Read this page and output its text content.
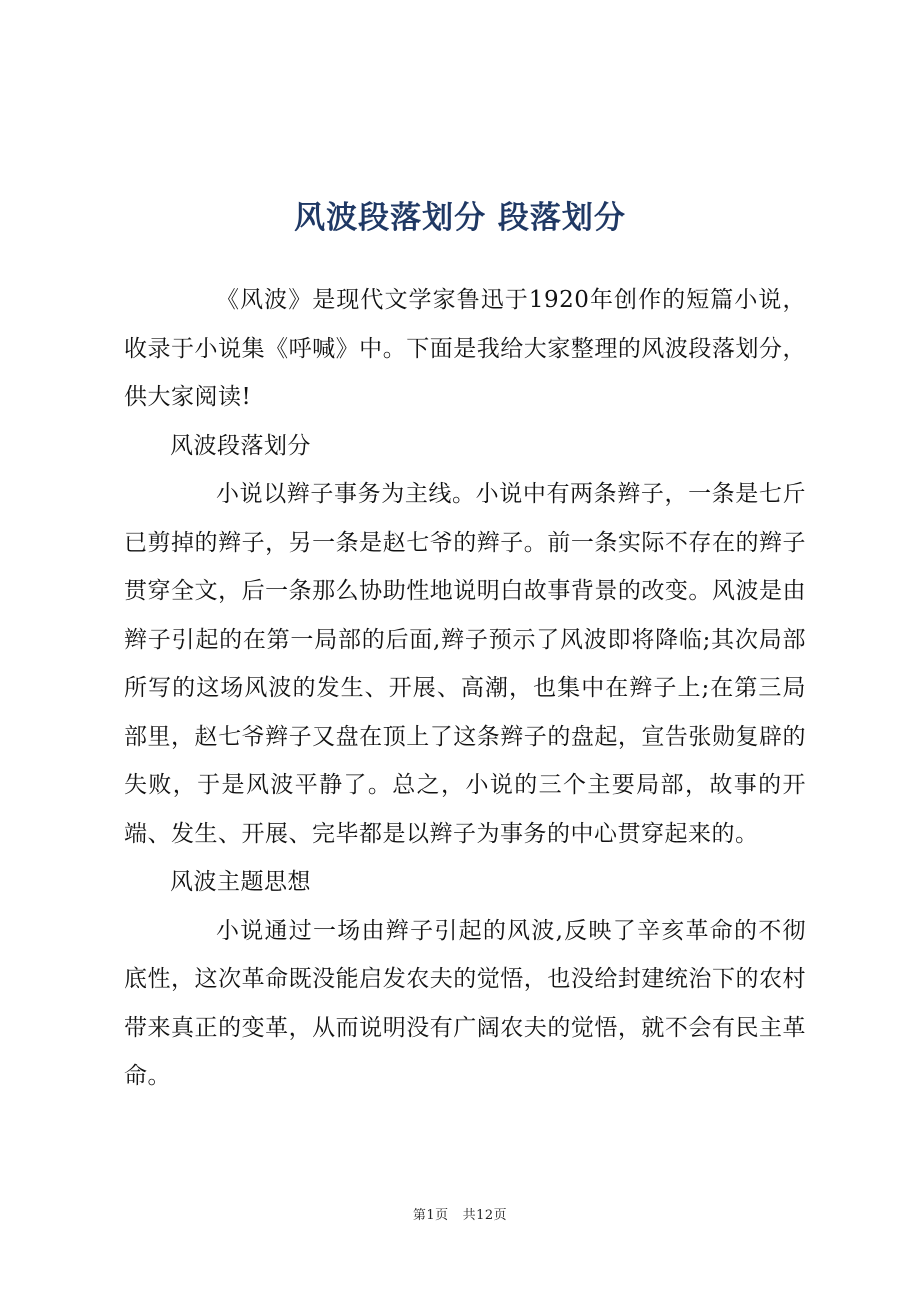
风波段落划分 段落划分

《风波》是现代文学家鲁迅于1920年创作的短篇小说，收录于小说集《呼喊》中。下面是我给大家整理的风波段落划分，供大家阅读!

风波段落划分

小说以辫子事务为主线。小说中有两条辫子，一条是七斤已剪掉的辫子，另一条是赵七爷的辫子。前一条实际不存在的辫子贯穿全文，后一条那么协助性地说明白故事背景的改变。风波是由辫子引起的在第一局部的后面,辫子预示了风波即将降临;其次局部所写的这场风波的发生、开展、高潮，也集中在辫子上;在第三局部里，赵七爷辫子又盘在顶上了这条辫子的盘起，宣告张勋复辟的失败，于是风波平静了。总之，小说的三个主要局部，故事的开端、发生、开展、完毕都是以辫子为事务的中心贯穿起来的。

风波主题思想

小说通过一场由辫子引起的风波,反映了辛亥革命的不彻底性，这次革命既没能启发农夫的觉悟，也没给封建统治下的农村带来真正的变革，从而说明没有广阔农夫的觉悟，就不会有民主革命。

第1页 共12页
